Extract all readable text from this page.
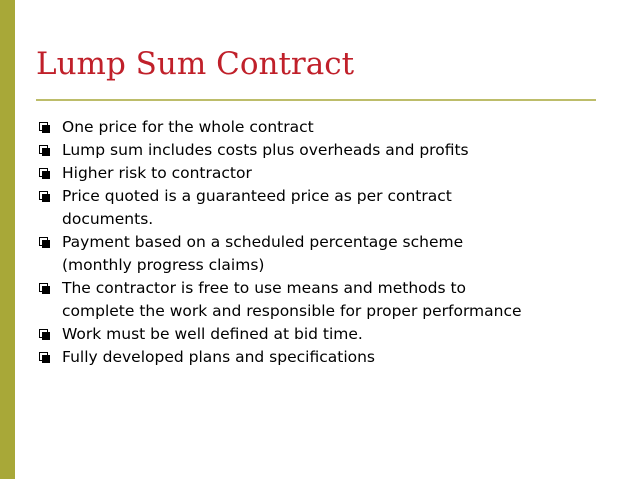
Lump Sum Contract
One price for the whole contract
Lump sum includes costs plus overheads and profits
Higher risk to contractor
Price quoted is a guaranteed price as per contract
documents.
Payment based on a scheduled percentage scheme
(monthly progress claims)
The contractor is free to use means and methods to
complete the work and responsible for proper performance
Work must be well defined at bid time.
Fully developed plans and specifications
